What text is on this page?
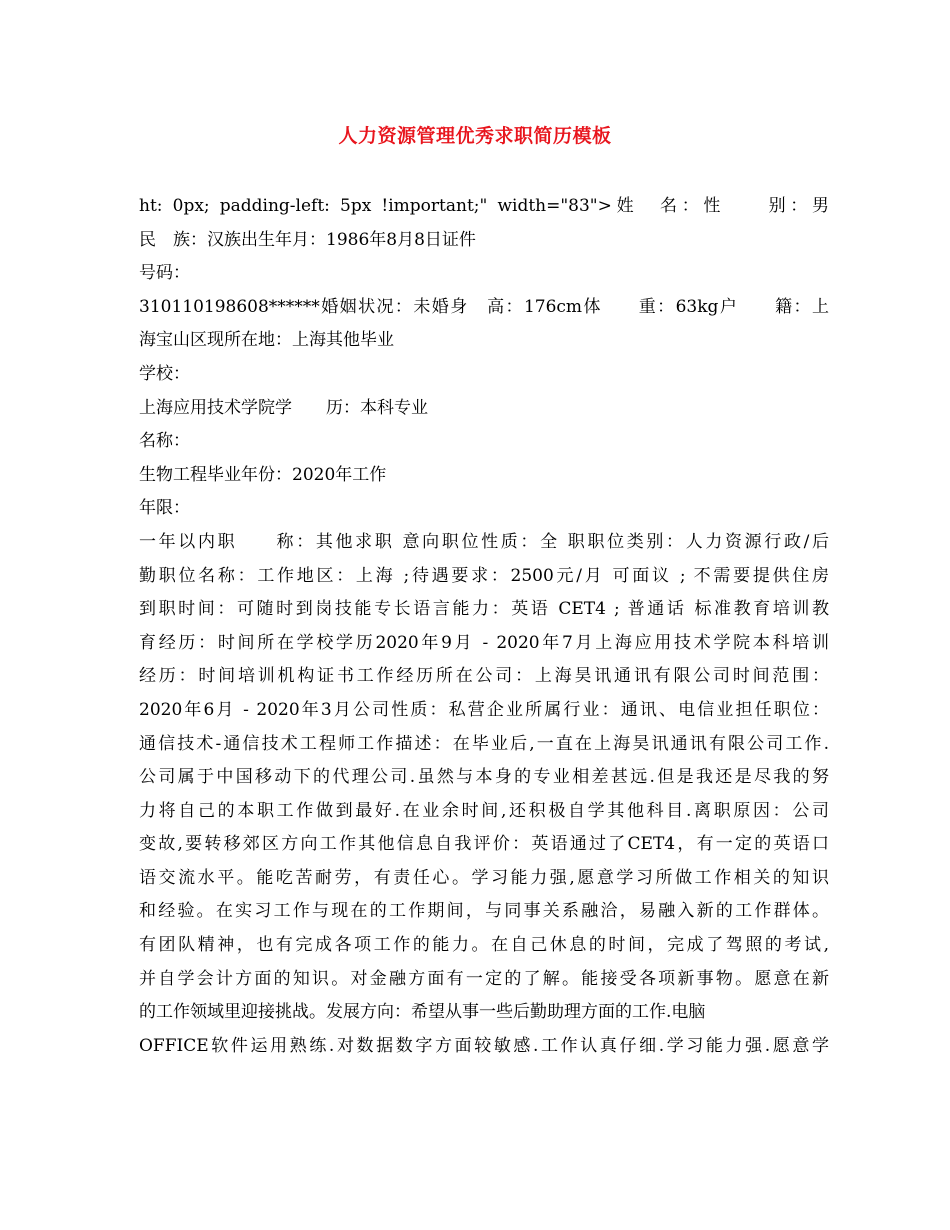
人力资源管理优秀求职简历模板
ht: 0px; padding-left: 5px !important;" width="83">姓　名：性　　别：男
民　族：汉族出生年月：1986年8月8日证件
号码：
310110198608******婚姻状况：未婚身　高：176cm体　　重：63kg户　　籍：上
海宝山区现所在地：上海其他毕业
学校：
上海应用技术学院学　　历：本科专业
名称：
生物工程毕业年份：2020年工作
年限：
一年以内职　　称：其他求职 意向职位性质：全 职职位类别：人力资源行政/后
勤职位名称：工作地区：上海 ;待遇要求：2500元/月 可面议 ; 不需要提供住房
到职时间：可随时到岗技能专长语言能力：英语 CET4 ; 普通话 标准教育培训教
育经历：时间所在学校学历2020年9月 - 2020年7月上海应用技术学院本科培训
经历：时间培训机构证书工作经历所在公司：上海昊讯通讯有限公司时间范围：
2020年6月 - 2020年3月公司性质：私营企业所属行业：通讯、电信业担任职位：
通信技术-通信技术工程师工作描述：在毕业后,一直在上海昊讯通讯有限公司工作.
公司属于中国移动下的代理公司.虽然与本身的专业相差甚远.但是我还是尽我的努
力将自己的本职工作做到最好.在业余时间,还积极自学其他科目.离职原因：公司
变故,要转移郊区方向工作其他信息自我评价：英语通过了CET4，有一定的英语口
语交流水平。能吃苦耐劳，有责任心。学习能力强,愿意学习所做工作相关的知识
和经验。在实习工作与现在的工作期间，与同事关系融洽，易融入新的工作群体。
有团队精神，也有完成各项工作的能力。在自己休息的时间，完成了驾照的考试,
并自学会计方面的知识。对金融方面有一定的了解。能接受各项新事物。愿意在新
的工作领域里迎接挑战。发展方向：希望从事一些后勤助理方面的工作.电脑
OFFICE软件运用熟练.对数据数字方面较敏感.工作认真仔细.学习能力强.愿意学
